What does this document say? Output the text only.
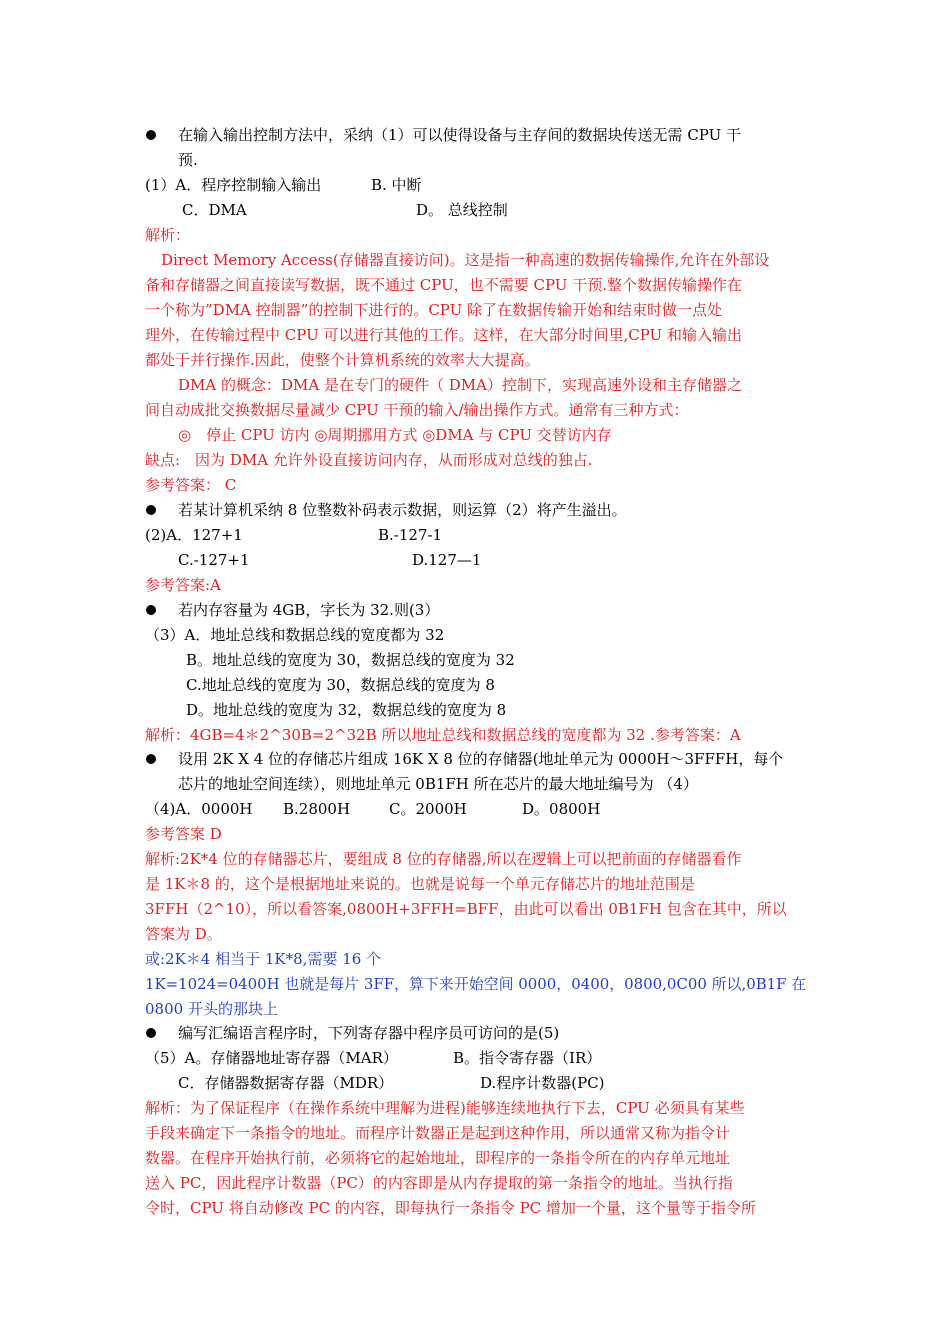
在输入输出控制方法中，采纳（1）可以使得设备与主存间的数据块传送无需 CPU 干
预.
(1）A．程序控制输入输出	B. 中断
C．DMA	D。 总线控制
解析：
Direct Memory Access(存储器直接访问)。这是指一种高速的数据传输操作,允许在外部设
备和存储器之间直接读写数据，既不通过 CPU，也不需要 CPU 干预.整个数据传输操作在
一个称为”DMA 控制器”的控制下进行的。CPU 除了在数据传输开始和结束时做一点处
理外，在传输过程中 CPU 可以进行其他的工作。这样，在大部分时间里,CPU 和输入输出
都处于并行操作.因此，使整个计算机系统的效率大大提高。
DMA 的概念：DMA 是在专门的硬件（ DMA）控制下，实现高速外设和主存储器之
间自动成批交换数据尽量减少 CPU 干预的输入/输出操作方式。通常有三种方式：
◎　停止 CPU 访内 ◎周期挪用方式 ◎DMA 与 CPU 交替访内存
缺点:　因为 DMA 允许外设直接访问内存，从而形成对总线的独占.
参考答案： C
若某计算机采纳 8 位整数补码表示数据，则运算（2）将产生溢出。
(2)A．127+1	B.-127-1
C.-127+1	D.127—1
参考答案:A
若内存容量为 4GB，字长为 32.则(3）
（3）A．地址总线和数据总线的宽度都为 32
B。地址总线的宽度为 30，数据总线的宽度为 32
C.地址总线的宽度为 30，数据总线的宽度为 8
D。地址总线的宽度为 32，数据总线的宽度为 8
解析：4GB=4＊2^30B=2^32B 所以地址总线和数据总线的宽度都为 32 .参考答案：A
设用 2K X 4 位的存储芯片组成 16K X 8 位的存储器(地址单元为 0000H～3FFFH，每个
芯片的地址空间连续），则地址单元 0B1FH 所在芯片的最大地址编号为 （4）
（4)A．0000H B.2800H	C。2000H	D。0800H
参考答案 D
解析:2K*4 位的存储器芯片，要组成 8 位的存储器,所以在逻辑上可以把前面的存储器看作
是 1K＊8 的，这个是根据地址来说的。也就是说每一个单元存储芯片的地址范围是
3FFH（2^10），所以看答案,0800H+3FFH=BFF，由此可以看出 0B1FH 包含在其中，所以
答案为 D。
或:2K＊4 相当于 1K*8,需要 16 个
1K=1024=0400H 也就是每片 3FF，算下来开始空间 0000，0400，0800,0C00 所以,0B1F 在
0800 开头的那块上
编写汇编语言程序时，下列寄存器中程序员可访问的是(5)
（5）A。存储器地址寄存器（MAR）	B。指令寄存器（IR）
C．存储器数据寄存器（MDR）	D.程序计数器(PC)
解析：为了保证程序（在操作系统中理解为进程)能够连续地执行下去，CPU 必须具有某些
手段来确定下一条指令的地址。而程序计数器正是起到这种作用，所以通常又称为指令计
数器。在程序开始执行前，必须将它的起始地址，即程序的一条指令所在的内存单元地址
送入 PC，因此程序计数器（PC）的内容即是从内存提取的第一条指令的地址。当执行指
令时，CPU 将自动修改 PC 的内容，即每执行一条指令 PC 增加一个量，这个量等于指令所
